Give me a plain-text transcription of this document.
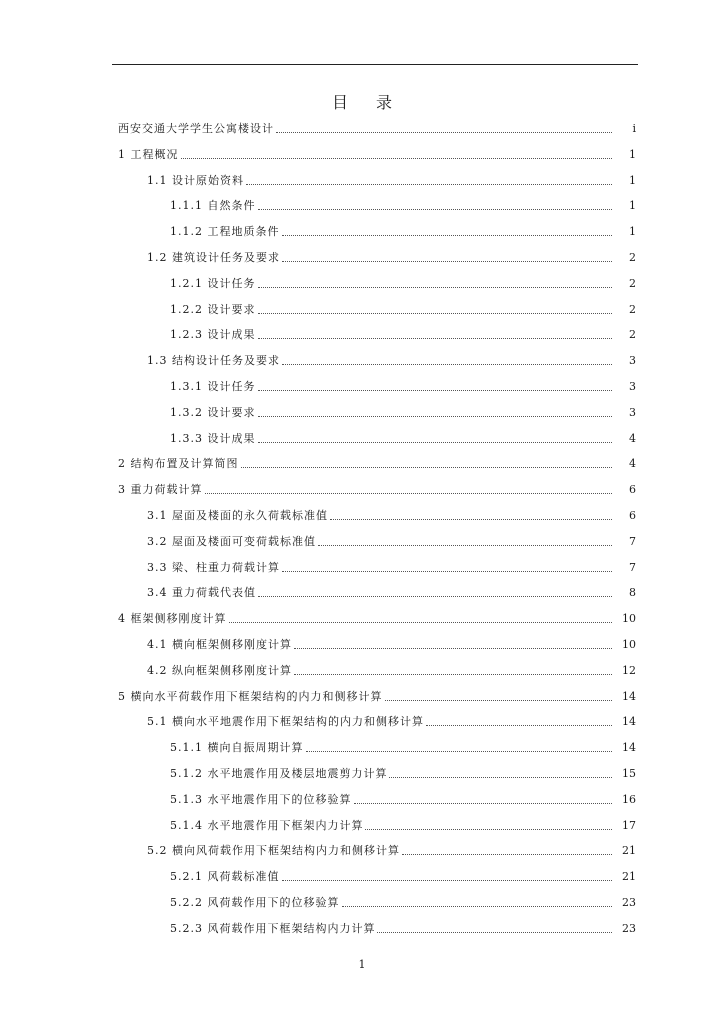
目 录
西安交通大学学生公寓楼设计	i
1 工程概况	1
1.1 设计原始资料	1
1.1.1 自然条件	1
1.1.2 工程地质条件	1
1.2 建筑设计任务及要求	2
1.2.1 设计任务	2
1.2.2 设计要求	2
1.2.3 设计成果	2
1.3 结构设计任务及要求	3
1.3.1 设计任务	3
1.3.2 设计要求	3
1.3.3 设计成果	4
2 结构布置及计算简图	4
3 重力荷载计算	6
3.1 屋面及楼面的永久荷载标准值	6
3.2 屋面及楼面可变荷载标准值	7
3.3 梁、柱重力荷载计算	7
3.4 重力荷载代表值	8
4 框架侧移刚度计算	10
4.1 横向框架侧移刚度计算	10
4.2 纵向框架侧移刚度计算	12
5 横向水平荷载作用下框架结构的内力和侧移计算	14
5.1 横向水平地震作用下框架结构的内力和侧移计算	14
5.1.1 横向自振周期计算	14
5.1.2 水平地震作用及楼层地震剪力计算	15
5.1.3 水平地震作用下的位移验算	16
5.1.4 水平地震作用下框架内力计算	17
5.2 横向风荷载作用下框架结构内力和侧移计算	21
5.2.1 风荷载标准值	21
5.2.2 风荷载作用下的位移验算	23
5.2.3 风荷载作用下框架结构内力计算	23
1
